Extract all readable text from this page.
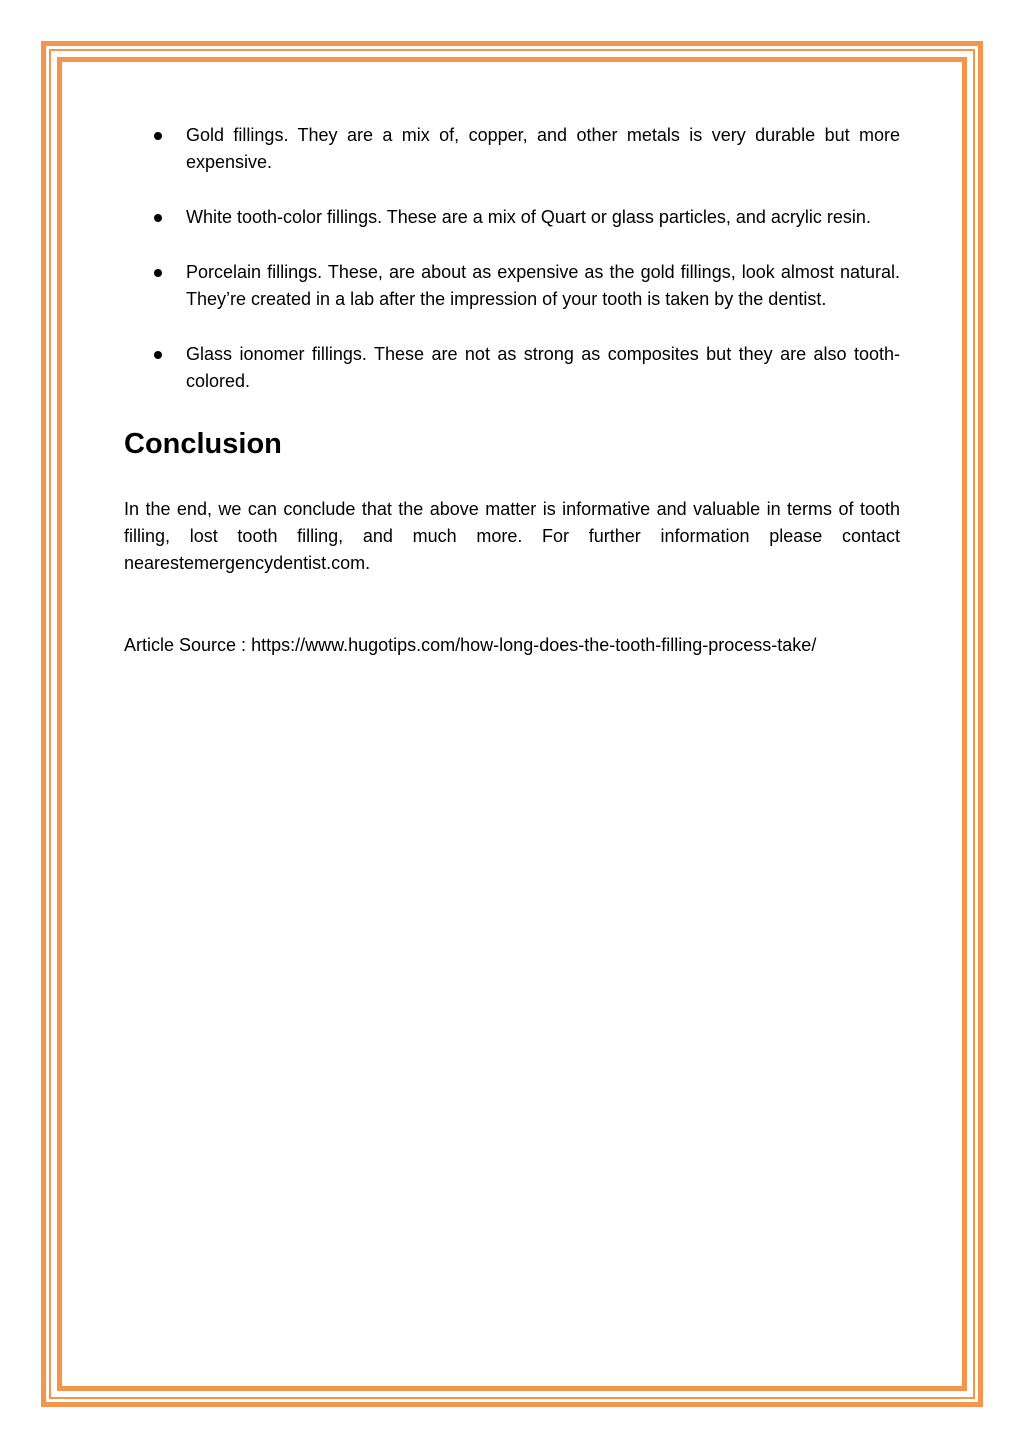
Gold fillings. They are a mix of, copper, and other metals is very durable but more expensive.
White tooth-color fillings. These are a mix of Quart or glass particles, and acrylic resin.
Porcelain fillings. These, are about as expensive as the gold fillings, look almost natural. They’re created in a lab after the impression of your tooth is taken by the dentist.
Glass ionomer fillings. These are not as strong as composites but they are also tooth-colored.
Conclusion

In the end, we can conclude that the above matter is informative and valuable in terms of tooth filling, lost tooth filling, and much more. For further information please contact nearestemergencydentist.com.

Article Source : https://www.hugotips.com/how-long-does-the-tooth-filling-process-take/
